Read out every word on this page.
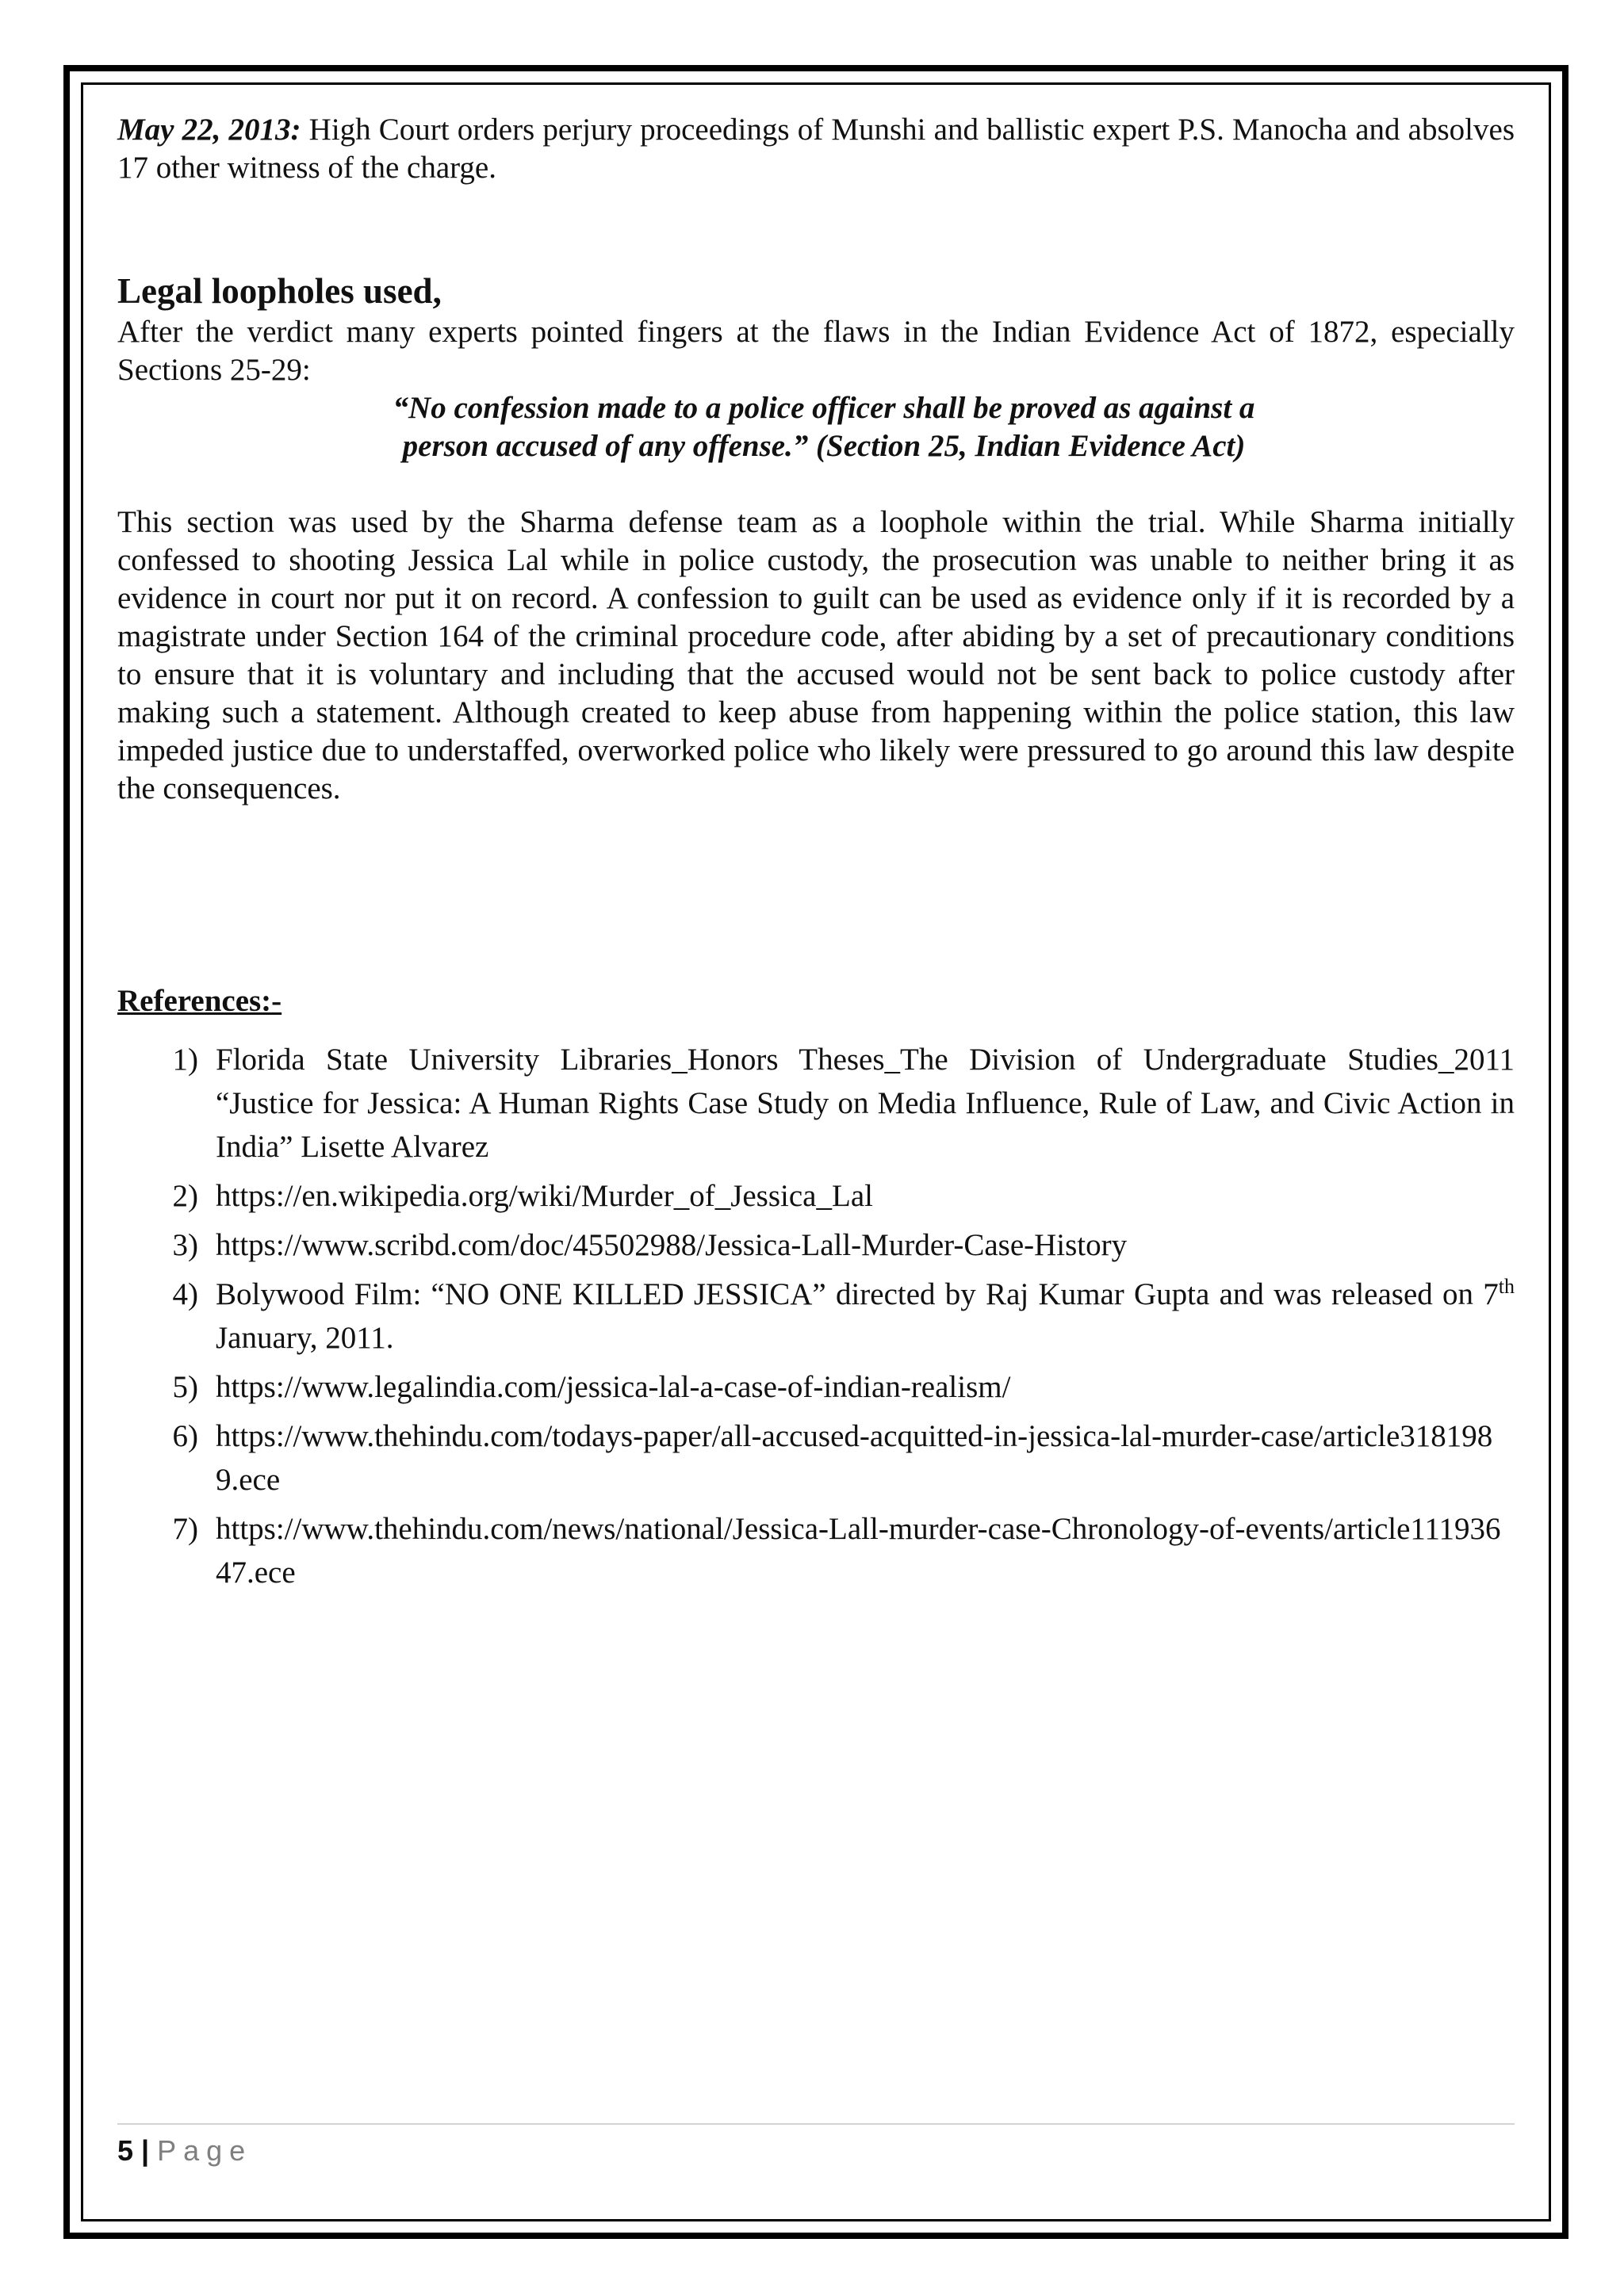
May 22, 2013: High Court orders perjury proceedings of Munshi and ballistic expert P.S. Manocha and absolves 17 other witness of the charge.

Legal loopholes used,

After the verdict many experts pointed fingers at the flaws in the Indian Evidence Act of 1872, especially Sections 25-29:

“No confession made to a police officer shall be proved as against a
person accused of any offense.” (Section 25, Indian Evidence Act)

This section was used by the Sharma defense team as a loophole within the trial. While Sharma initially confessed to shooting Jessica Lal while in police custody, the prosecution was unable to neither bring it as evidence in court nor put it on record. A confession to guilt can be used as evidence only if it is recorded by a magistrate under Section 164 of the criminal procedure code, after abiding by a set of precautionary conditions to ensure that it is voluntary and including that the accused would not be sent back to police custody after making such a statement. Although created to keep abuse from happening within the police station, this law impeded justice due to understaffed, overworked police who likely were pressured to go around this law despite the consequences.

References:-
1) Florida State University Libraries_Honors Theses_The Division of Undergraduate Studies_2011 “Justice for Jessica: A Human Rights Case Study on Media Influence, Rule of Law, and Civic Action in India” Lisette Alvarez
2) https://en.wikipedia.org/wiki/Murder_of_Jessica_Lal
3) https://www.scribd.com/doc/45502988/Jessica-Lall-Murder-Case-History
4) Bolywood Film: “NO ONE KILLED JESSICA” directed by Raj Kumar Gupta and was released on 7th January, 2011.
5) https://www.legalindia.com/jessica-lal-a-case-of-indian-realism/
6) https://www.thehindu.com/todays-paper/all-accused-acquitted-in-jessica-lal-murder-case/article3181989.ece
7) https://www.thehindu.com/news/national/Jessica-Lall-murder-case-Chronology-of-events/article11193647.ece
5 | Page
